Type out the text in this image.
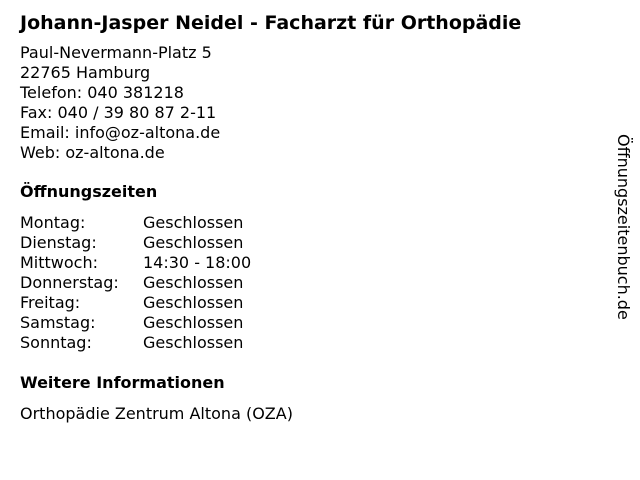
Johann-Jasper Neidel - Facharzt für Orthopädie
Paul-Nevermann-Platz 5
22765 Hamburg
Telefon: 040 381218
Fax: 040 / 39 80 87 2-11
Email: info@oz-altona.de
Web: oz-altona.de
Öffnungszeiten
Montag:	Geschlossen
Dienstag:	Geschlossen
Mittwoch:	14:30 - 18:00
Donnerstag:	Geschlossen
Freitag:	Geschlossen
Samstag:	Geschlossen
Sonntag:	Geschlossen
Weitere Informationen
Orthopädie Zentrum Altona (OZA)
Öffnungszeitenbuch.de
